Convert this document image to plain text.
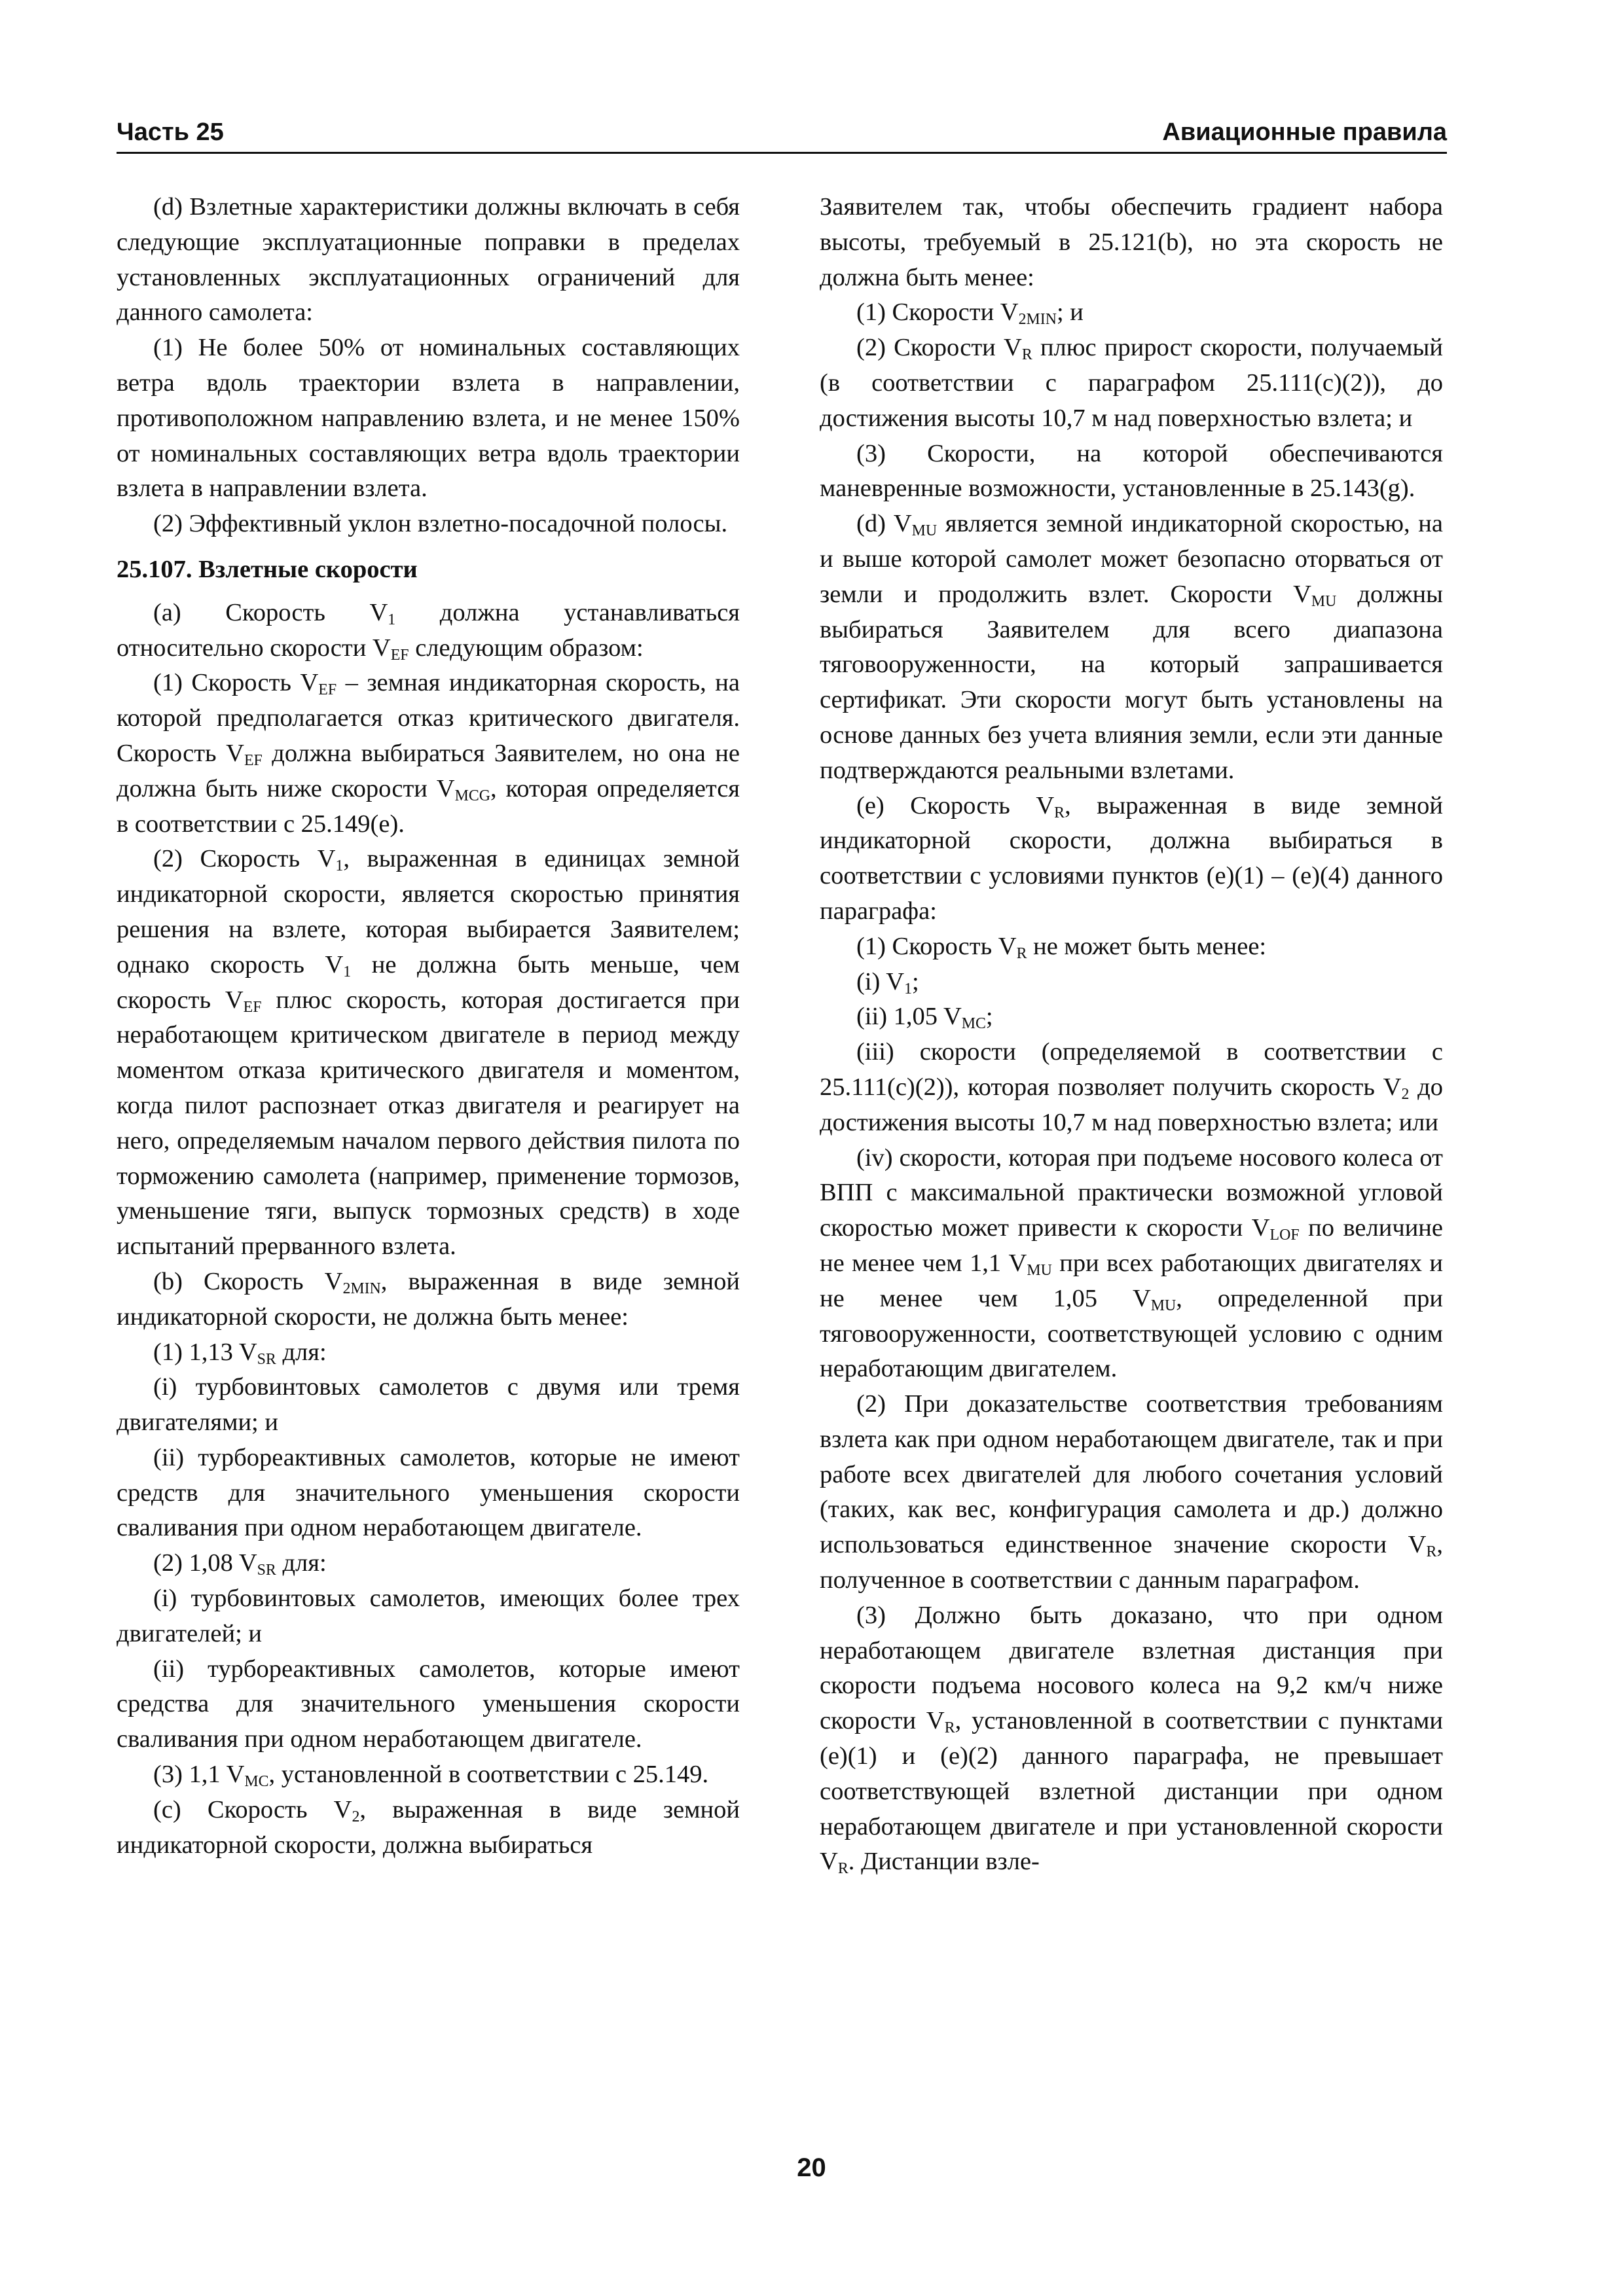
Часть 25	Авиационные правила

(d) Взлетные характеристики должны включать в себя следующие эксплуатационные поправки в пределах установленных эксплуатационных ограничений для данного самолета:

(1) Не более 50% от номинальных составляющих ветра вдоль траектории взлета в направлении, противоположном направлению взлета, и не менее 150% от номинальных составляющих ветра вдоль траектории взлета в направлении взлета.

(2) Эффективный уклон взлетно-посадочной полосы.

25.107. Взлетные скорости

(a) Скорость $V_1$ должна устанавливаться относительно скорости $V_{EF}$ следующим образом:

(1) Скорость $V_{EF}$ – земная индикаторная скорость, на которой предполагается отказ критического двигателя. Скорость $V_{EF}$ должна выбираться Заявителем, но она не должна быть ниже скорости $V_{MCG}$, которая определяется в соответствии с 25.149(e).

(2) Скорость $V_1$, выраженная в единицах земной индикаторной скорости, является скоростью принятия решения на взлете, которая выбирается Заявителем; однако скорость $V_1$ не должна быть меньше, чем скорость $V_{EF}$ плюс скорость, которая достигается при неработающем критическом двигателе в период между моментом отказа критического двигателя и моментом, когда пилот распознает отказ двигателя и реагирует на него, определяемым началом первого действия пилота по торможению самолета (например, применение тормозов, уменьшение тяги, выпуск тормозных средств) в ходе испытаний прерванного взлета.

(b) Скорость $V_{2MIN}$, выраженная в виде земной индикаторной скорости, не должна быть менее:

(1) 1,13 $V_{SR}$ для:

(i) турбовинтовых самолетов с двумя или тремя двигателями; и

(ii) турбореактивных самолетов, которые не имеют средств для значительного уменьшения скорости сваливания при одном неработающем двигателе.

(2) 1,08 $V_{SR}$ для:

(i) турбовинтовых самолетов, имеющих более трех двигателей; и

(ii) турбореактивных самолетов, которые имеют средства для значительного уменьшения скорости сваливания при одном неработающем двигателе.

(3) 1,1 $V_{MC}$, установленной в соответствии с 25.149.

(c) Скорость $V_2$, выраженная в виде земной индикаторной скорости, должна выбираться

Заявителем так, чтобы обеспечить градиент набора высоты, требуемый в 25.121(b), но эта скорость не должна быть менее:

(1) Скорости $V_{2MIN}$; и

(2) Скорости $V_R$ плюс прирост скорости, получаемый (в соответствии с параграфом 25.111(c)(2)), до достижения высоты 10,7 м над поверхностью взлета; и

(3) Скорости, на которой обеспечиваются маневренные возможности, установленные в 25.143(g).

(d) $V_{MU}$ является земной индикаторной скоростью, на и выше которой самолет может безопасно оторваться от земли и продолжить взлет. Скорости $V_{MU}$ должны выбираться Заявителем для всего диапазона тяговооруженности, на который запрашивается сертификат. Эти скорости могут быть установлены на основе данных без учета влияния земли, если эти данные подтверждаются реальными взлетами.

(e) Скорость $V_R$, выраженная в виде земной индикаторной скорости, должна выбираться в соответствии с условиями пунктов (e)(1) – (e)(4) данного параграфа:

(1) Скорость $V_R$ не может быть менее:

(i) $V_1$;

(ii) 1,05 $V_{MC}$;

(iii) скорости (определяемой в соответствии с 25.111(c)(2)), которая позволяет получить скорость $V_2$ до достижения высоты 10,7 м над поверхностью взлета; или

(iv) скорости, которая при подъеме носового колеса от ВПП с максимальной практически возможной угловой скоростью может привести к скорости $V_{LOF}$ по величине не менее чем 1,1 $V_{MU}$ при всех работающих двигателях и не менее чем 1,05 $V_{MU}$, определенной при тяговооруженности, соответствующей условию с одним неработающим двигателем.

(2) При доказательстве соответствия требованиям взлета как при одном неработающем двигателе, так и при работе всех двигателей для любого сочетания условий (таких, как вес, конфигурация самолета и др.) должно использоваться единственное значение скорости $V_R$, полученное в соответствии с данным параграфом.

(3) Должно быть доказано, что при одном неработающем двигателе взлетная дистанция при скорости подъема носового колеса на 9,2 км/ч ниже скорости $V_R$, установленной в соответствии с пунктами (e)(1) и (e)(2) данного параграфа, не превышает соответствующей взлетной дистанции при одном неработающем двигателе и при установленной скорости $V_R$. Дистанции взле-

20
